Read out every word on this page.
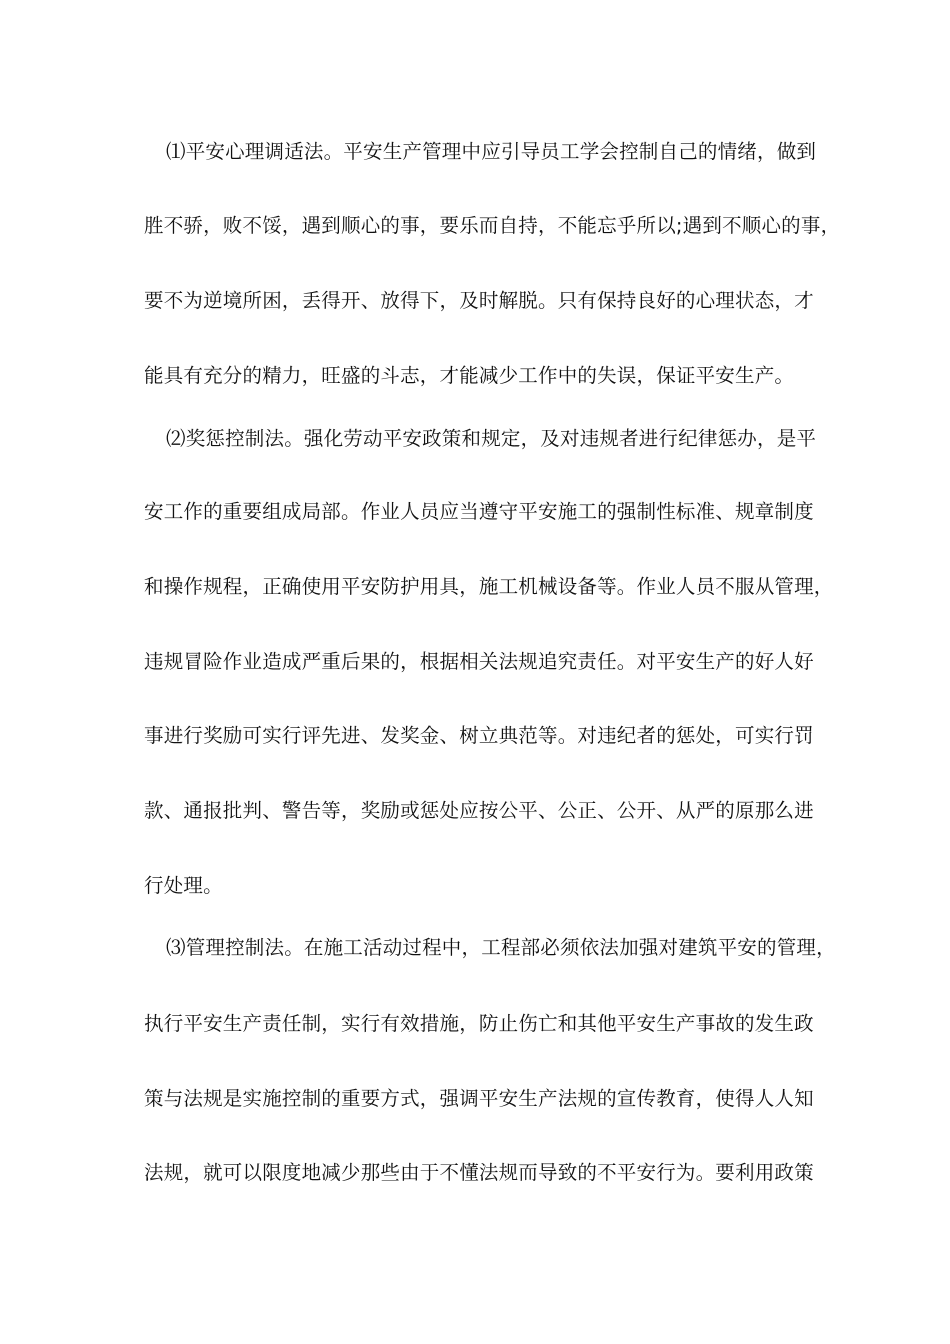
⑴平安心理调适法。平安生产管理中应引导员工学会控制自己的情绪，做到
胜不骄，败不馁，遇到顺心的事，要乐而自持，不能忘乎所以;遇到不顺心的事，
要不为逆境所困，丢得开、放得下，及时解脱。只有保持良好的心理状态，才
能具有充分的精力，旺盛的斗志，才能减少工作中的失误，保证平安生产。
⑵奖惩控制法。强化劳动平安政策和规定，及对违规者进行纪律惩办，是平
安工作的重要组成局部。作业人员应当遵守平安施工的强制性标准、规章制度
和操作规程，正确使用平安防护用具，施工机械设备等。作业人员不服从管理，
违规冒险作业造成严重后果的，根据相关法规追究责任。对平安生产的好人好
事进行奖励可实行评先进、发奖金、树立典范等。对违纪者的惩处，可实行罚
款、通报批判、警告等，奖励或惩处应按公平、公正、公开、从严的原那么进
行处理。
⑶管理控制法。在施工活动过程中，工程部必须依法加强对建筑平安的管理，
执行平安生产责任制，实行有效措施，防止伤亡和其他平安生产事故的发生政
策与法规是实施控制的重要方式，强调平安生产法规的宣传教育，使得人人知
法规，就可以限度地减少那些由于不懂法规而导致的不平安行为。要利用政策
